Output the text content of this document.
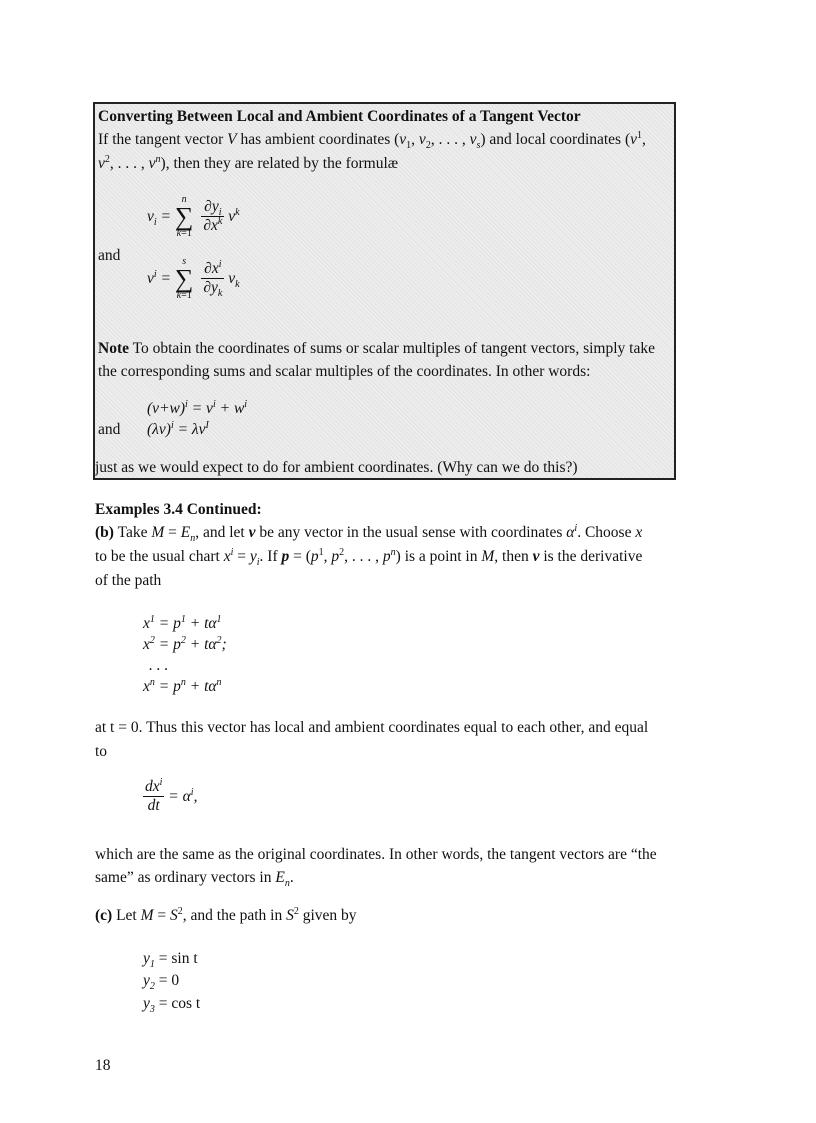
Converting Between Local and Ambient Coordinates of a Tangent Vector
If the tangent vector V has ambient coordinates ($v_1$, $v_2$, . . . , $v_s$) and local coordinates ($v^1$,
$v^2$, . . . , $v^n$), then they are related by the formulæ
$v_i$ =
n
∑
k=1
$\frac{\partial y_i}{\partial x^k} v^k$
and
$v^i$ =
s
∑
k=1
$\frac{\partial x^i}{\partial y_k} v_k$
Note To obtain the coordinates of sums or scalar multiples of tangent vectors, simply take
the corresponding sums and scalar multiples of the coordinates. In other words:
$(v+w)^i = v^i + w^i$
and $(\lambda v)^i = \lambda v^I$
just as we would expect to do for ambient coordinates. (Why can we do this?)
Examples 3.4 Continued:
(b) Take $M = E_n$, and let v be any vector in the usual sense with coordinates $\alpha^i$. Choose x
to be the usual chart $x^i = y_i$. If $p = (p^1$, $p^2$, . . . , $p^n$) is a point in M, then v is the derivative
of the path
$x^1 = p^1 + t\alpha^1$
$x^2 = p^2 + t\alpha^2$;
. . .
$x^n = p^n + t\alpha^n$
at t = 0. Thus this vector has local and ambient coordinates equal to each other, and equal
to
$\frac{dx^i}{dt} = \alpha^i$,
which are the same as the original coordinates. In other words, the tangent vectors are “the
same” as ordinary vectors in $E_n$.
(c) Let $M = S^2$, and the path in $S^2$ given by
$y_1 = \sin t$
$y_2 = 0$
$y_3 = \cos t$
18
